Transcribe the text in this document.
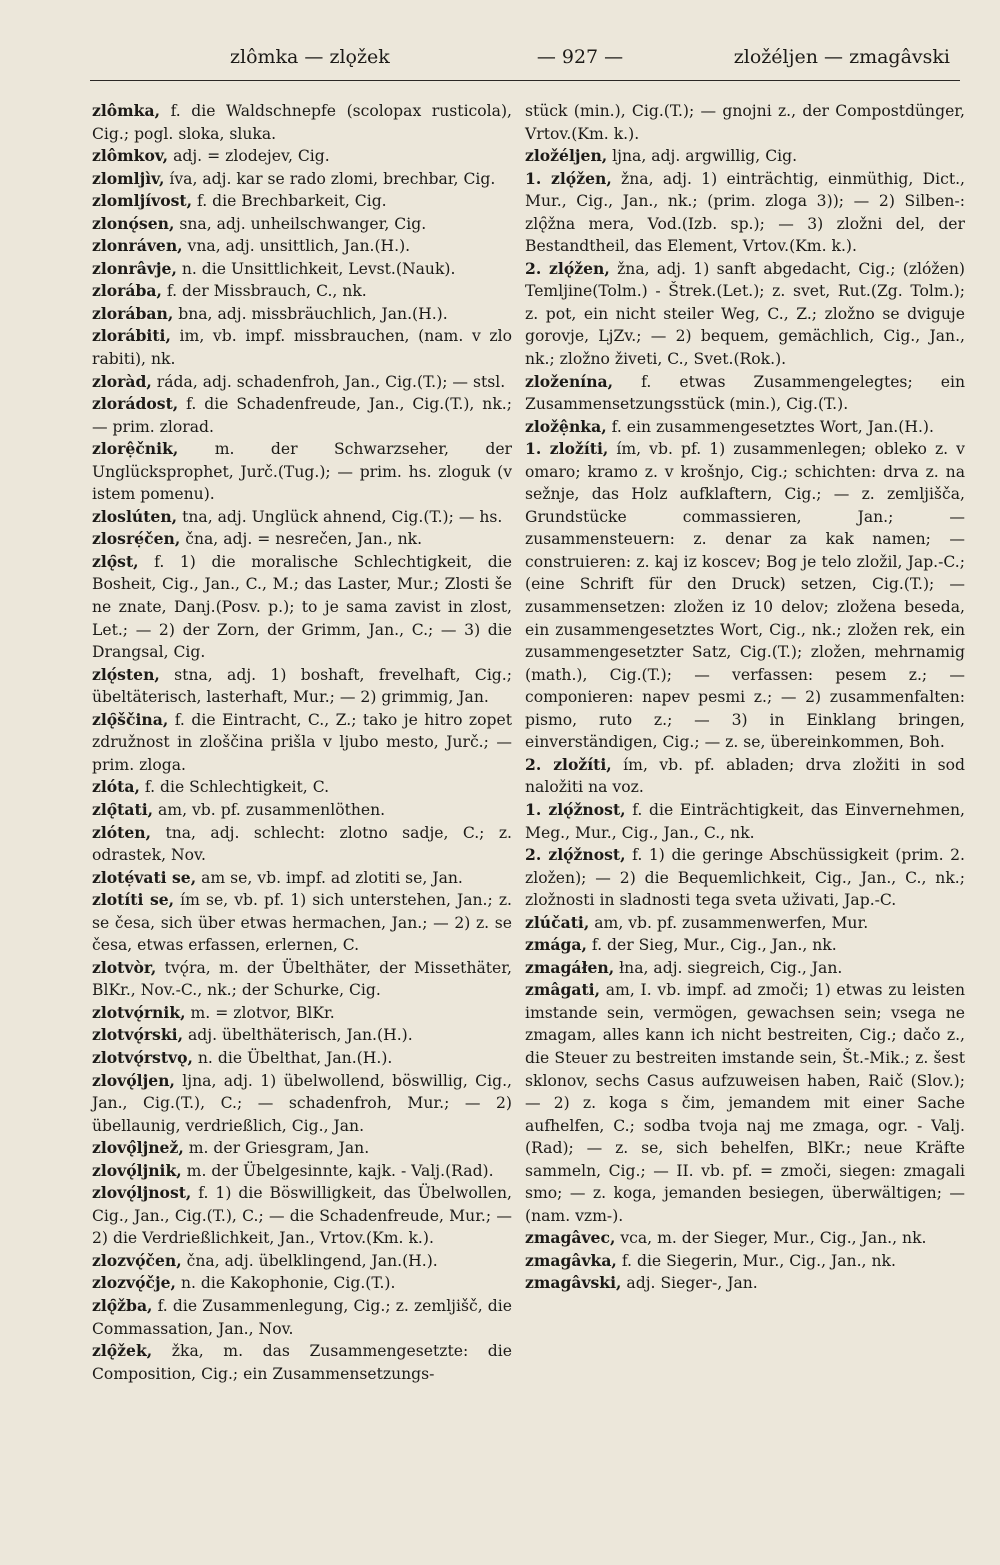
zlômka — zlǫžek	— 927 —	zložéljen — zmagâvski

zlômka, f. die Waldschnepfe (scolopax rusticola), Cig.; pogl. sloka, sluka.

zlômkov, adj. = zlodejev, Cig.

zlomljìv, íva, adj. kar se rado zlomi, brechbar, Cig.

zlomljívost, f. die Brechbarkeit, Cig.

zlonǫ́sen, sna, adj. unheilschwanger, Cig.

zlonráven, vna, adj. unsittlich, Jan.(H.).

zlonrâvje, n. die Unsittlichkeit, Levst.(Nauk).

zlorába, f. der Missbrauch, C., nk.

zlorában, bna, adj. missbräuchlich, Jan.(H.).

zlorábiti, im, vb. impf. missbrauchen, (nam. v zlo rabiti), nk.

zloràd, ráda, adj. schadenfroh, Jan., Cig.(T.); — stsl.

zlorádost, f. die Schadenfreude, Jan., Cig.(T.), nk.; — prim. zlorad.

zlorệčnik, m. der Schwarzseher, der Unglücksprophet, Jurč.(Tug.); — prim. hs. zloguk (v istem pomenu).

zloslúten, tna, adj. Unglück ahnend, Cig.(T.); — hs.

zlosrẹ́čen, čna, adj. = nesrečen, Jan., nk.

zlǫ̑st, f. 1) die moralische Schlechtigkeit, die Bosheit, Cig., Jan., C., M.; das Laster, Mur.; Zlosti še ne znate, Danj.(Posv. p.); to je sama zavist in zlost, Let.; — 2) der Zorn, der Grimm, Jan., C.; — 3) die Drangsal, Cig.

zlǫ́sten, stna, adj. 1) boshaft, frevelhaft, Cig.; übeltäterisch, lasterhaft, Mur.; — 2) grimmig, Jan.

zlǫ̑ščina, f. die Eintracht, C., Z.; tako je hitro zopet združnost in zloščina prišla v ljubo mesto, Jurč.; — prim. zloga.

zlóta, f. die Schlechtigkeit, C.

zlǫ̑tati, am, vb. pf. zusammenlöthen.

zlóten, tna, adj. schlecht: zlotno sadje, C.; z. odrastek, Nov.

zlotẹ́vati se, am se, vb. impf. ad zlotiti se, Jan.

zlotíti se, ím se, vb. pf. 1) sich unterstehen, Jan.; z. se česa, sich über etwas hermachen, Jan.; — 2) z. se česa, etwas erfassen, erlernen, C.

zlotvòr, tvǫ́ra, m. der Übelthäter, der Missethäter, BlKr., Nov.-C., nk.; der Schurke, Cig.

zlotvǫ́rnik, m. = zlotvor, BlKr.

zlotvǫ́rski, adj. übelthäterisch, Jan.(H.).

zlotvǫ́rstvǫ, n. die Übelthat, Jan.(H.).

zlovǫ́ljen, ljna, adj. 1) übelwollend, böswillig, Cig., Jan., Cig.(T.), C.; — schadenfroh, Mur.; — 2) übellaunig, verdrießlich, Cig., Jan.

zlovǫ̂ljnež, m. der Griesgram, Jan.

zlovǫ́ljnik, m. der Übelgesinnte, kajk. - Valj.(Rad).

zlovǫ́ljnost, f. 1) die Böswilligkeit, das Übelwollen, Cig., Jan., Cig.(T.), C.; — die Schadenfreude, Mur.; — 2) die Verdrießlichkeit, Jan., Vrtov.(Km. k.).

zlozvǫ́čen, čna, adj. übelklingend, Jan.(H.).

zlozvǫ́čje, n. die Kakophonie, Cig.(T.).

zlǫ̑žba, f. die Zusammenlegung, Cig.; z. zemljišč, die Commassation, Jan., Nov.

zlǫ̑žek, žka, m. das Zusammengesetzte: die Composition, Cig.; ein Zusammensetzungs-

stück (min.), Cig.(T.); — gnojni z., der Compostdünger, Vrtov.(Km. k.).

zložéljen, ljna, adj. argwillig, Cig.

1. zlǫ́žen, žna, adj. 1) einträchtig, einmüthig, Dict., Mur., Cig., Jan., nk.; (prim. zloga 3)); — 2) Silben-: zlǫ̑žna mera, Vod.(Izb. sp.); — 3) zložni del, der Bestandtheil, das Element, Vrtov.(Km. k.).

2. zlǫ́žen, žna, adj. 1) sanft abgedacht, Cig.; (zlóžen) Temljine(Tolm.) - Štrek.(Let.); z. svet, Rut.(Zg. Tolm.); z. pot, ein nicht steiler Weg, C., Z.; zložno se dviguje gorovje, LjZv.; — 2) bequem, gemächlich, Cig., Jan., nk.; zložno živeti, C., Svet.(Rok.).

zloženína, f. etwas Zusammengelegtes; ein Zusammensetzungsstück (min.), Cig.(T.).

zložệnka, f. ein zusammengesetztes Wort, Jan.(H.).

1. zložíti, ím, vb. pf. 1) zusammenlegen; obleko z. v omaro; kramo z. v krošnjo, Cig.; schichten: drva z. na sežnje, das Holz aufklaftern, Cig.; — z. zemljišča, Grundstücke commassieren, Jan.; — zusammensteuern: z. denar za kak namen; — construieren: z. kaj iz koscev; Bog je telo zložil, Jap.-C.; (eine Schrift für den Druck) setzen, Cig.(T.); — zusammensetzen: zložen iz 10 delov; zložena beseda, ein zusammengesetztes Wort, Cig., nk.; zložen rek, ein zusammengesetzter Satz, Cig.(T.); zložen, mehrnamig (math.), Cig.(T.); — verfassen: pesem z.; — componieren: napev pesmi z.; — 2) zusammenfalten: pismo, ruto z.; — 3) in Einklang bringen, einverständigen, Cig.; — z. se, übereinkommen, Boh.

2. zložíti, ím, vb. pf. abladen; drva zložiti in sod naložiti na voz.

1. zlǫ́žnost, f. die Einträchtigkeit, das Einvernehmen, Meg., Mur., Cig., Jan., C., nk.

2. zlǫ́žnost, f. 1) die geringe Abschüssigkeit (prim. 2. zložen); — 2) die Bequemlichkeit, Cig., Jan., C., nk.; zložnosti in sladnosti tega sveta uživati, Jap.-C.

zlúčati, am, vb. pf. zusammenwerfen, Mur.

zmága, f. der Sieg, Mur., Cig., Jan., nk.

zmagáłen, łna, adj. siegreich, Cig., Jan.

zmâgati, am, I. vb. impf. ad zmoči; 1) etwas zu leisten imstande sein, vermögen, gewachsen sein; vsega ne zmagam, alles kann ich nicht bestreiten, Cig.; dačo z., die Steuer zu bestreiten imstande sein, Št.-Mik.; z. šest sklonov, sechs Casus aufzuweisen haben, Raič (Slov.); — 2) z. koga s čim, jemandem mit einer Sache aufhelfen, C.; sodba tvoja naj me zmaga, ogr. - Valj.(Rad); — z. se, sich behelfen, BlKr.; neue Kräfte sammeln, Cig.; — II. vb. pf. = zmoči, siegen: zmagali smo; — z. koga, jemanden besiegen, überwältigen; — (nam. vzm-).

zmagâvec, vca, m. der Sieger, Mur., Cig., Jan., nk.

zmagâvka, f. die Siegerin, Mur., Cig., Jan., nk.

zmagâvski, adj. Sieger-, Jan.
